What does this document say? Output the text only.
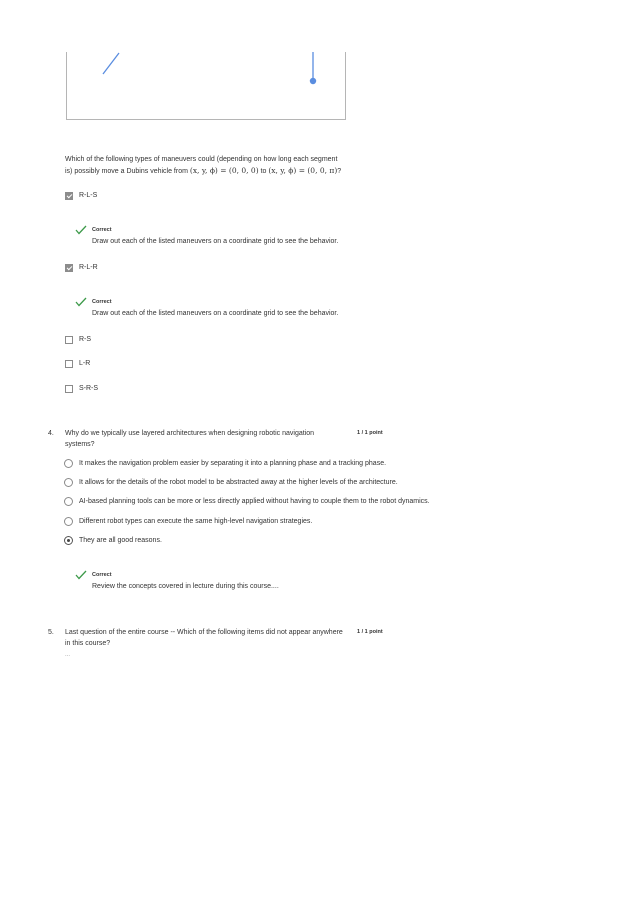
Which of the following types of maneuvers could (depending on how long each segment
is) possibly move a Dubins vehicle from (x, y, ϕ) = (0, 0, 0) to (x, y, ϕ) = (0, 0, π)?
R-L-S
Correct
Draw out each of the listed maneuvers on a coordinate grid to see the behavior.
R-L-R
Correct
Draw out each of the listed maneuvers on a coordinate grid to see the behavior.
R-S
L-R
S-R-S
4. Why do we typically use layered architectures when designing robotic navigation
systems?
1 / 1 point
It makes the navigation problem easier by separating it into a planning phase and a tracking phase.
It allows for the details of the robot model to be abstracted away at the higher levels of the architecture.
AI-based planning tools can be more or less directly applied without having to couple them to the robot dynamics.
Different robot types can execute the same high-level navigation strategies.
They are all good reasons.
Correct
Review the concepts covered in lecture during this course....
5. Last question of the entire course -- Which of the following items did not appear anywhere
in this course?
1 / 1 point
...
